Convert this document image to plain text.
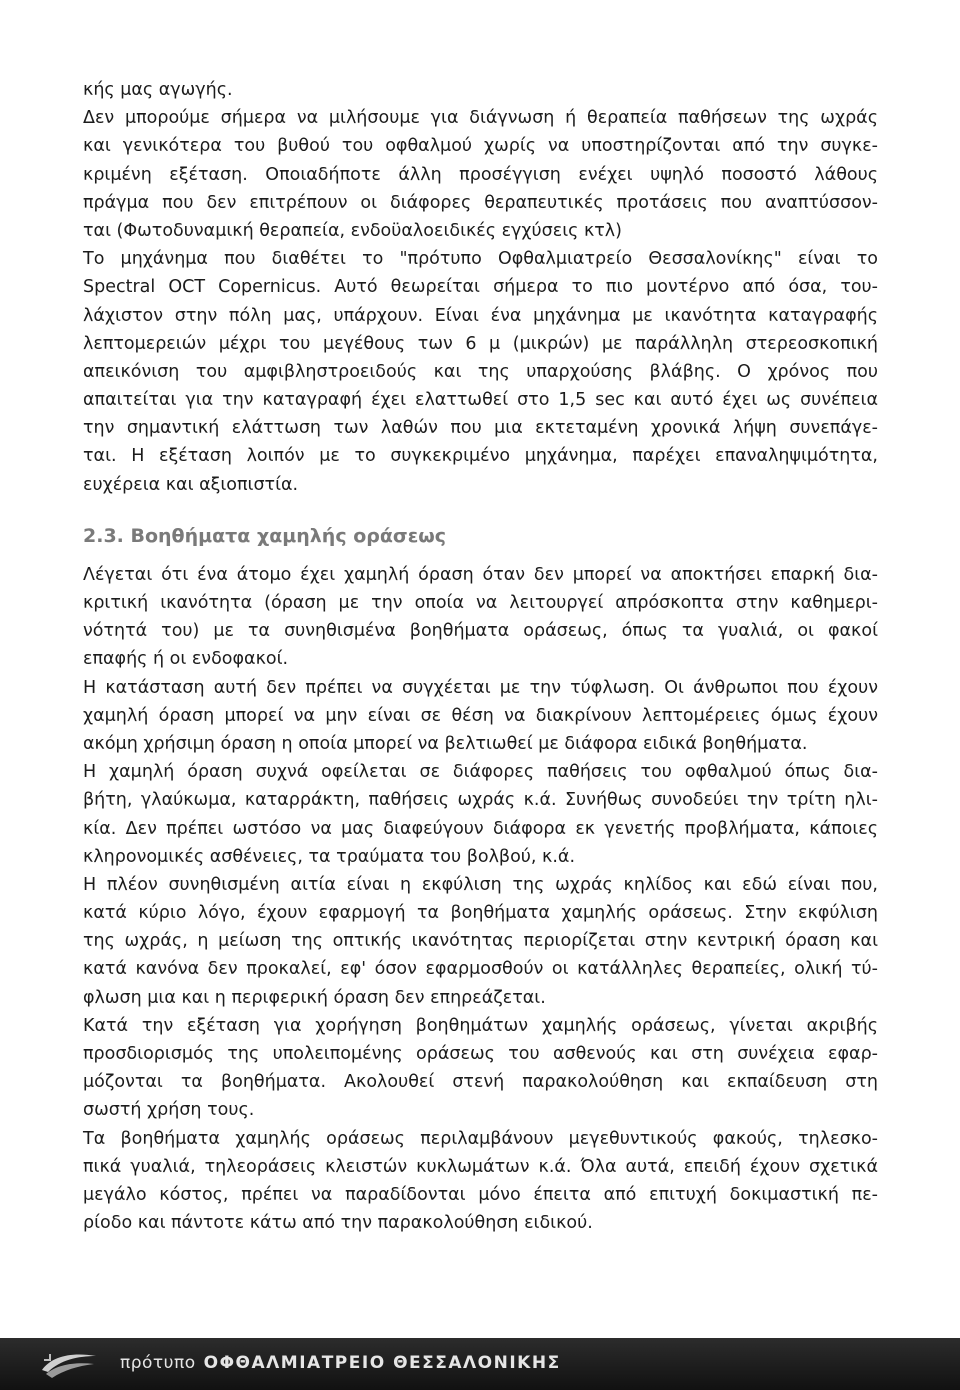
κής μας αγωγής.
Δεν μπορούμε σήμερα να μιλήσουμε για διάγνωση ή θεραπεία παθήσεων της ωχράς
και γενικότερα του βυθού του οφθαλμού χωρίς να υποστηρίζονται από την συγκε-
κριμένη εξέταση. Οποιαδήποτε άλλη προσέγγιση ενέχει υψηλό ποσοστό λάθους
πράγμα που δεν επιτρέπουν οι διάφορες θεραπευτικές προτάσεις που αναπτύσσον-
ται (Φωτοδυναμική θεραπεία, ενδοϋαλοειδικές εγχύσεις κτλ)
Το μηχάνημα που διαθέτει το "πρότυπο Οφθαλμιατρείο Θεσσαλονίκης" είναι το
Spectral OCT Copernicus. Αυτό θεωρείται σήμερα το πιο μοντέρνο από όσα, του-
λάχιστον στην πόλη μας, υπάρχουν. Είναι ένα μηχάνημα με ικανότητα καταγραφής
λεπτομερειών μέχρι του μεγέθους των 6 μ (μικρών) με παράλληλη στερεοσκοπική
απεικόνιση του αμφιβληστροειδούς και της υπαρχούσης βλάβης. Ο χρόνος που
απαιτείται για την καταγραφή έχει ελαττωθεί στο 1,5 sec και αυτό έχει ως συνέπεια
την σημαντική ελάττωση των λαθών που μια εκτεταμένη χρονικά λήψη συνεπάγε-
ται. Η εξέταση λοιπόν με το συγκεκριμένο μηχάνημα, παρέχει επαναληψιμότητα,
ευχέρεια και αξιοπιστία.
2.3. Βοηθήματα χαμηλής οράσεως
Λέγεται ότι ένα άτομο έχει χαμηλή όραση όταν δεν μπορεί να αποκτήσει επαρκή δια-
κριτική ικανότητα (όραση με την οποία να λειτουργεί απρόσκοπτα στην καθημερι-
νότητά του) με τα συνηθισμένα βοηθήματα οράσεως, όπως τα γυαλιά, οι φακοί
επαφής ή οι ενδοφακοί.
Η κατάσταση αυτή δεν πρέπει να συγχέεται με την τύφλωση. Οι άνθρωποι που έχουν
χαμηλή όραση μπορεί να μην είναι σε θέση να διακρίνουν λεπτομέρειες όμως έχουν
ακόμη χρήσιμη όραση η οποία μπορεί να βελτιωθεί με διάφορα ειδικά βοηθήματα.
Η χαμηλή όραση συχνά οφείλεται σε διάφορες παθήσεις του οφθαλμού όπως δια-
βήτη, γλαύκωμα, καταρράκτη, παθήσεις ωχράς κ.ά. Συνήθως συνοδεύει την τρίτη ηλι-
κία. Δεν πρέπει ωστόσο να μας διαφεύγουν διάφορα εκ γενετής προβλήματα, κάποιες
κληρονομικές ασθένειες, τα τραύματα του βολβού, κ.ά.
Η πλέον συνηθισμένη αιτία είναι η εκφύλιση της ωχράς κηλίδος και εδώ είναι που,
κατά κύριο λόγο, έχουν εφαρμογή τα βοηθήματα χαμηλής οράσεως. Στην εκφύλιση
της ωχράς, η μείωση της οπτικής ικανότητας περιορίζεται στην κεντρική όραση και
κατά κανόνα δεν προκαλεί, εφ' όσον εφαρμοσθούν οι κατάλληλες θεραπείες, ολική τύ-
φλωση μια και η περιφερική όραση δεν επηρεάζεται.
Κατά την εξέταση για χορήγηση βοηθημάτων χαμηλής οράσεως, γίνεται ακριβής
προσδιορισμός της υπολειπομένης οράσεως του ασθενούς και στη συνέχεια εφαρ-
μόζονται τα βοηθήματα. Ακολουθεί στενή παρακολούθηση και εκπαίδευση στη
σωστή χρήση τους.
Τα βοηθήματα χαμηλής οράσεως περιλαμβάνουν μεγεθυντικούς φακούς, τηλεσκο-
πικά γυαλιά, τηλεοράσεις κλειστών κυκλωμάτων κ.ά. Όλα αυτά, επειδή έχουν σχετικά
μεγάλο κόστος, πρέπει να παραδίδονται μόνο έπειτα από επιτυχή δοκιμαστική πε-
ρίοδο και πάντοτε κάτω από την παρακολούθηση ειδικού.
πρότυπο ΟΦΘΑΛΜΙΑΤΡΕΙΟ ΘΕΣΣΑΛΟΝΙΚΗΣ
